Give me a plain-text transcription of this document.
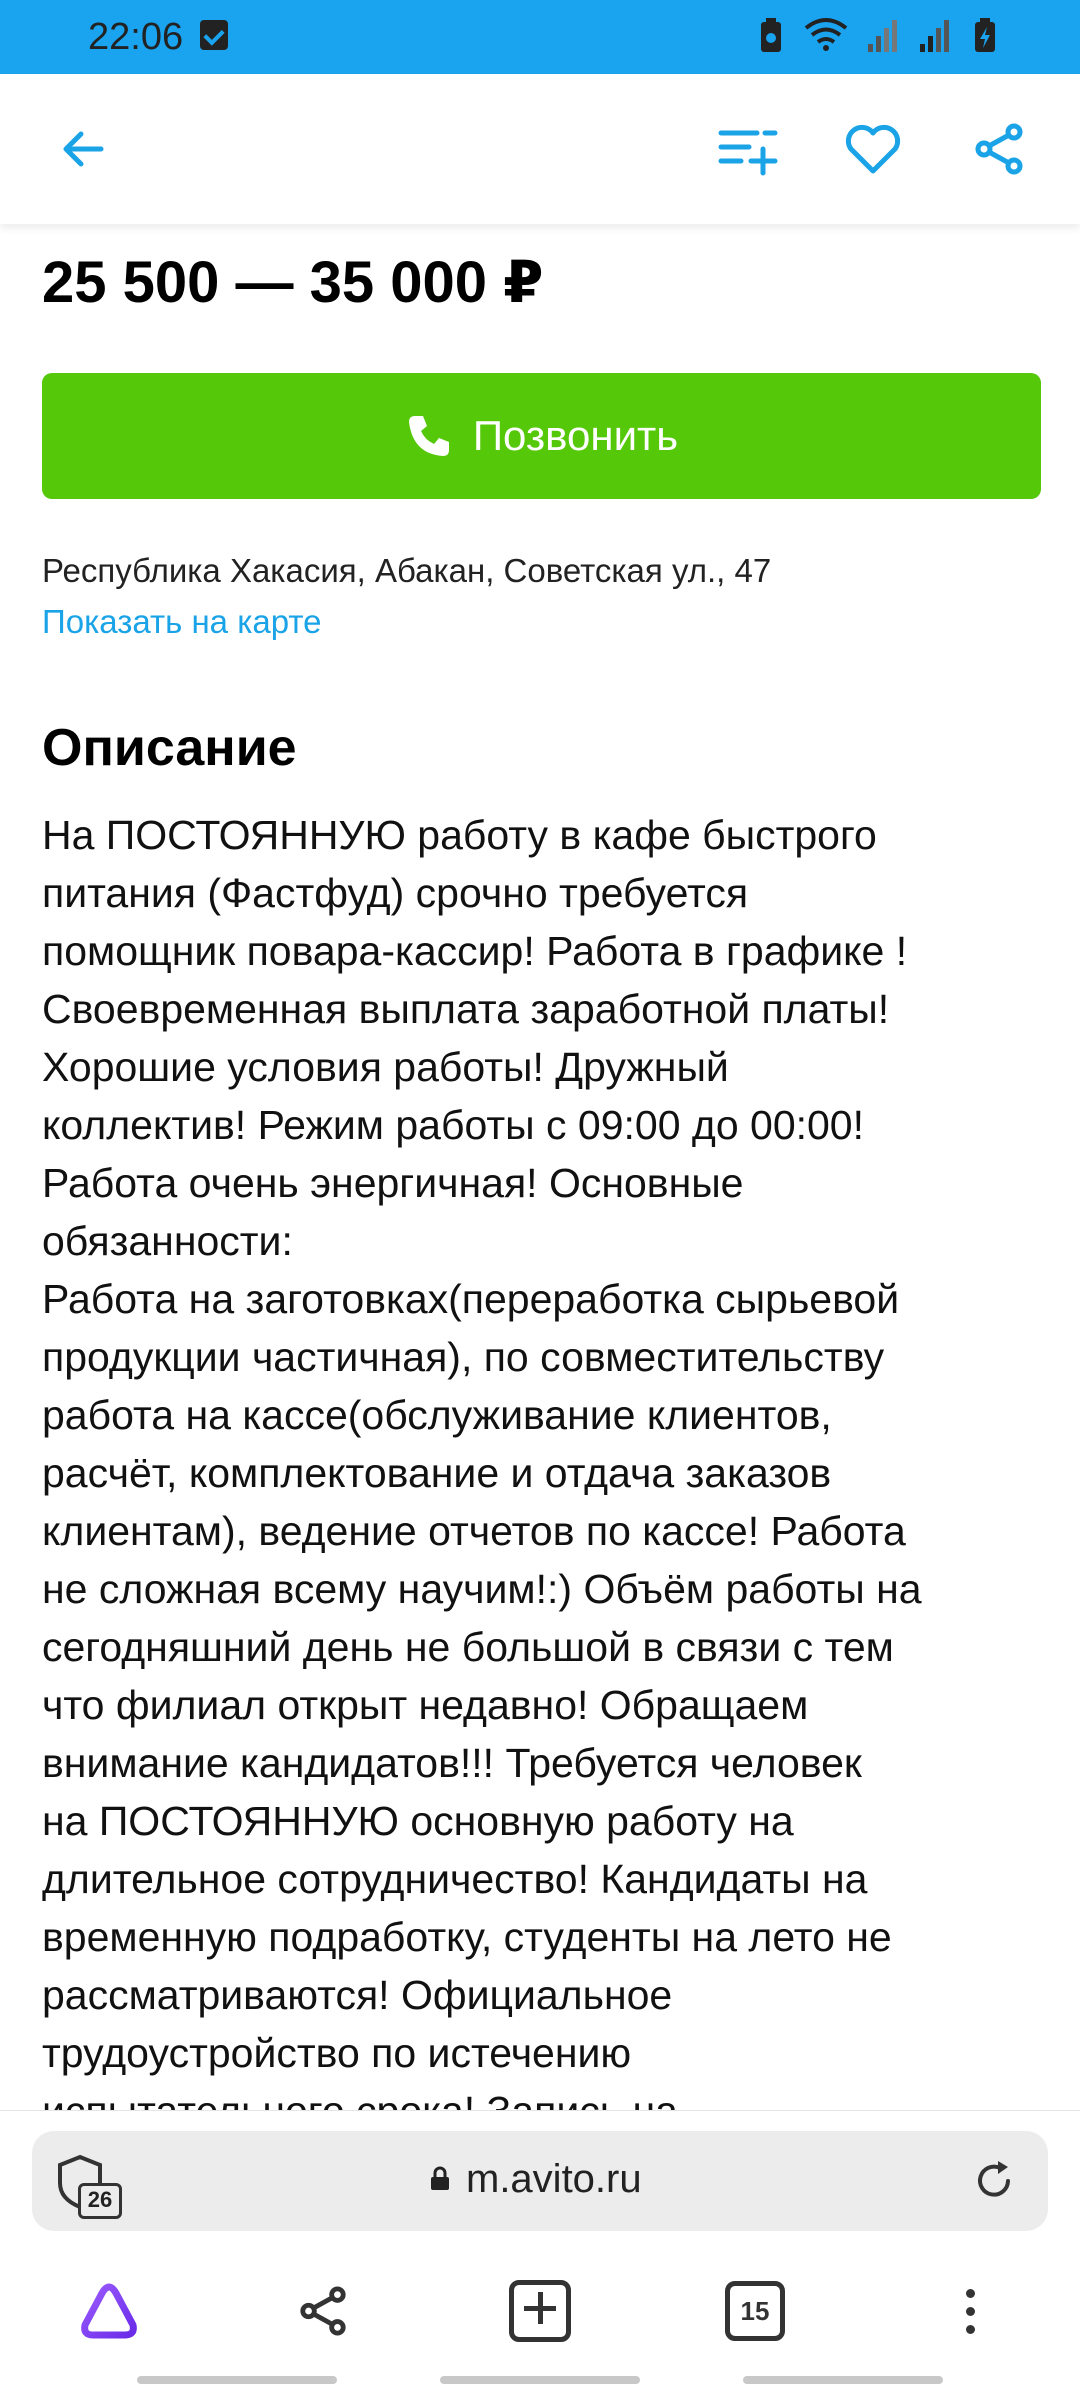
22:06
25 500 — 35 000 ₽
Позвонить
Республика Хакасия, Абакан, Советская ул., 47
Показать на карте
Описание
На ПОСТОЯННУЮ работу в кафе быстрого
питания (Фастфуд) срочно требуется
помощник повара-кассир! Работа в графике !
Своевременная выплата заработной платы!
Хорошие условия работы! Дружный
коллектив! Режим работы с 09:00 до 00:00!
Работа очень энергичная! Основные
обязанности:
Работа на заготовках(переработка сырьевой
продукции частичная), по совместительству
работа на кассе(обслуживание клиентов,
расчёт, комплектование и отдача заказов
клиентам), ведение отчетов по кассе! Работа
не сложная всему научим!:) Объём работы на
сегодняшний день не большой в связи с тем
что филиал открыт недавно! Обращаем
внимание кандидатов!!! Требуется человек
на ПОСТОЯННУЮ основную работу на
длительное сотрудничество! Кандидаты на
временную подработку, студенты на лето не
рассматриваются! Официальное
трудоустройство по истечению
26	m.avito.ru
15
